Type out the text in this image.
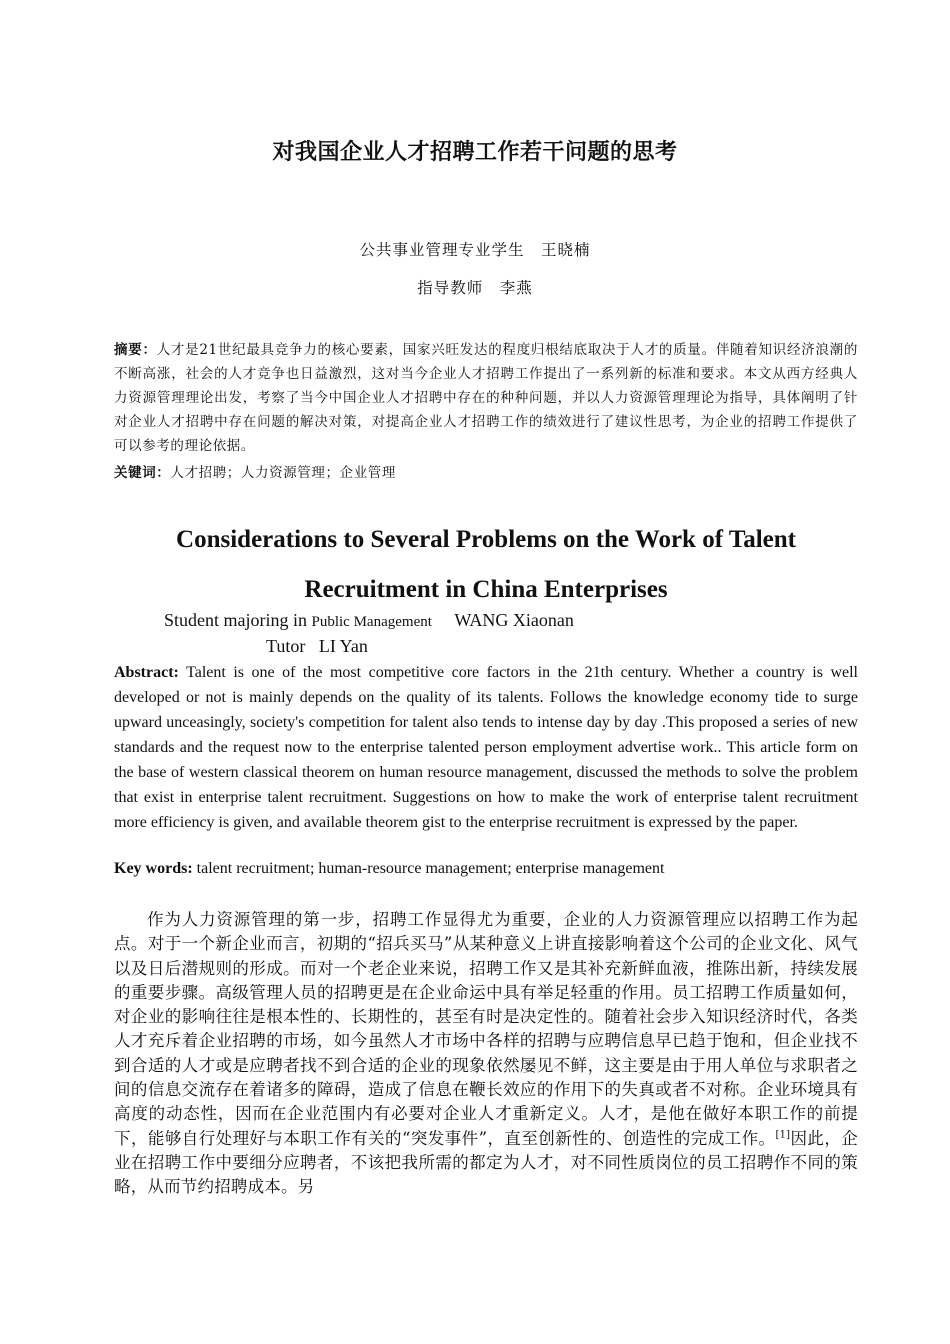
对我国企业人才招聘工作若干问题的思考
公共事业管理专业学生　王晓楠
指导教师　李燕
摘要：人才是21世纪最具竞争力的核心要素，国家兴旺发达的程度归根结底取决于人才的质量。伴随着知识经济浪潮的不断高涨，社会的人才竞争也日益激烈，这对当今企业人才招聘工作提出了一系列新的标准和要求。本文从西方经典人力资源管理理论出发，考察了当今中国企业人才招聘中存在的种种问题，并以人力资源管理理论为指导，具体阐明了针对企业人才招聘中存在问题的解决对策，对提高企业人才招聘工作的绩效进行了建议性思考，为企业的招聘工作提供了可以参考的理论依据。
关键词：人才招聘；人力资源管理；企业管理
Considerations to Several Problems on the Work of Talent
Recruitment in China Enterprises
Student majoring in Public Management WANG Xiaonan
Tutor   LI Yan
Abstract: Talent is one of the most competitive core factors in the 21th century. Whether a country is well developed or not is mainly depends on the quality of its talents. Follows the knowledge economy tide to surge upward unceasingly, society's competition for talent also tends to intense day by day .This proposed a series of new standards and the request now to the enterprise talented person employment advertise work.. This article form on the base of western classical theorem on human resource management, discussed the methods to solve the problem that exist in enterprise talent recruitment. Suggestions on how to make the work of enterprise talent recruitment more efficiency is given, and available theorem gist to the enterprise recruitment is expressed by the paper.
Key words: talent recruitment; human-resource management; enterprise management
作为人力资源管理的第一步，招聘工作显得尤为重要，企业的人力资源管理应以招聘工作为起点。对于一个新企业而言，初期的“招兵买马”从某种意义上讲直接影响着这个公司的企业文化、风气以及日后潜规则的形成。而对一个老企业来说，招聘工作又是其补充新鲜血液，推陈出新，持续发展的重要步骤。高级管理人员的招聘更是在企业命运中具有举足轻重的作用。员工招聘工作质量如何，对企业的影响往往是根本性的、长期性的，甚至有时是决定性的。随着社会步入知识经济时代，各类人才充斥着企业招聘的市场，如今虽然人才市场中各样的招聘与应聘信息早已趋于饱和，但企业找不到合适的人才或是应聘者找不到合适的企业的现象依然屡见不鲜，这主要是由于用人单位与求职者之间的信息交流存在着诸多的障碍，造成了信息在鞭长效应的作用下的失真或者不对称。企业环境具有高度的动态性，因而在企业范围内有必要对企业人才重新定义。人才，是他在做好本职工作的前提下，能够自行处理好与本职工作有关的“突发事件”，直至创新性的、创造性的完成工作。[1]因此，企业在招聘工作中要细分应聘者，不该把我所需的都定为人才，对不同性质岗位的员工招聘作不同的策略，从而节约招聘成本。另
